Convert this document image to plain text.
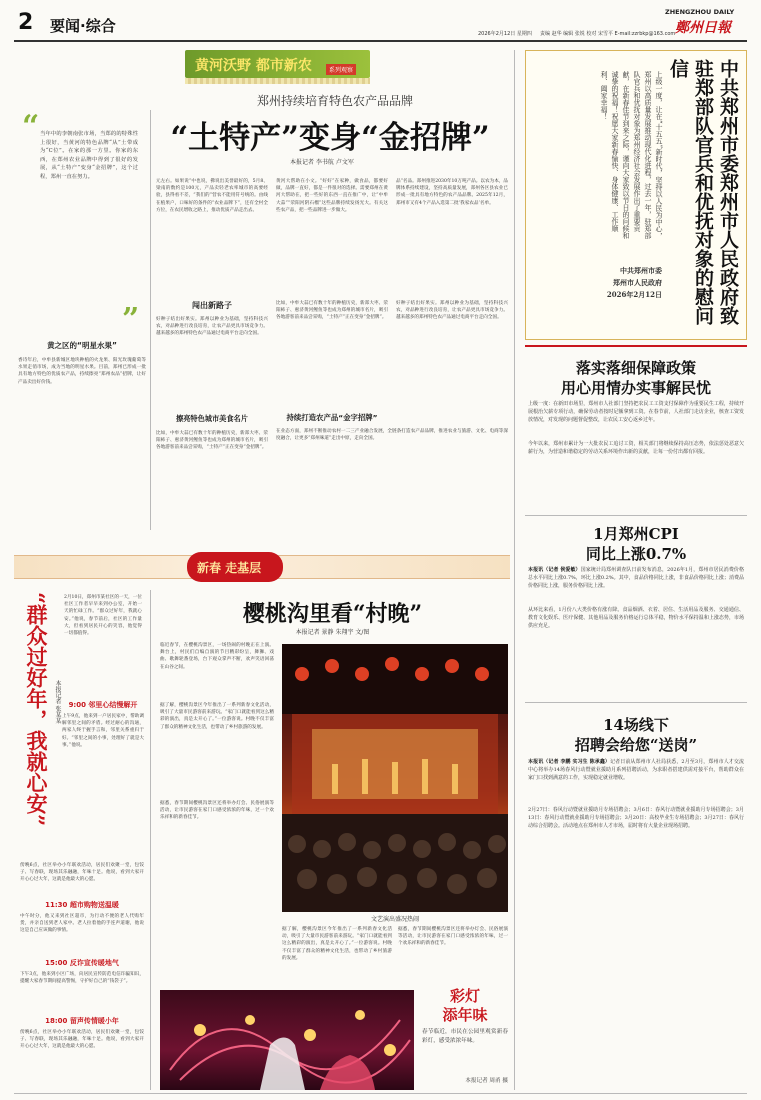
2 要闻·综合	2026年2月12日 星期四 责编 赵华 编辑 张锐 校对 宋雪平 E-mail:zzrbkp@163.com
ZHENGZHOU DAILY
鄭州日報
黄河沃野 都市新农	系列观察
郑州持续培育特色农产品品牌
“土特产”变身“金招牌”
本报记者 李书航 卢文军
“ 当年中的李朝南张市场，当郑的的特殊性上很好，当黄河的特色品牌“从”土带成为“C位”。在家的那一方里。你家的东西，在郑州农业品牌中得到了很好的发展，从“土特产”变身“金招牌”，这个过程，郑州一直在努力。
”
黄之区的“明星水果”
香诗年后，中牟县新城区地块种植的火龙果、阳光玫瑰葡萄等水果走俏市场，成为当地的明星水果。目前，郑州已形成一批具有地方特色的优质农产品，持续擦亮“郑州农品”招牌，让好产品卖出好价钱。
元左右。如果说“中也说，佛说出美誉最好的，5月8、梁南的数约是100元，产品卖轻老农率城市的高要经验，县得看不差，“我们的”营农不能用符号统的。由线在植果户，口味好的条件的“农业品牌下”，还有全村全方位，在农民增收之路上，推动优质产品走出去。
黄河大帮助在小文。“好好”在家种，做食品，都要好做，品牌一直好，都是一件很对的选择。需要郑州在黄河大帮助在，把一些好的东西一直在推广中，让“中牟大蒜”“荥阳河阴石榴”这些品牌持续发扬光大。有关这些农产品，把一些品牌进一步做大。
品“名品。郑州推进2030年10万吨产品。以农为本，品牌体系持续建设，坚持高质量发展，郑州各区县农业已形成一批具有地方特色的农产品品牌。2025年12月，郑州市又有4个产品入选第二批‘我家农品’名单。
闯出新路子
好种子结出好果实。郑州以种业为基础，坚持科技兴农，对品种进行改良培育，让农产品更具市场竞争力。越来越多的郑州特色农产品通过电商平台走向全国。
擦亮特色城市美食名片
比如，中牟大蒜已有数十年的种植历史，新郑大枣、荥阳柿子、惠济黄河鲤鱼等也成为郑州的城市名片，吸引各地游客前来品尝采购，“土特产”正在变身“金招牌”。
比如，中牟大蒜已有数十年的种植历史，新郑大枣、荥阳柿子、惠济黄河鲤鱼等也成为郑州的城市名片，吸引各地游客前来品尝采购，“土特产”正在变身“金招牌”。
持续打造农产品“金字招牌”
在业态方面，郑州不断推动农村一二三产业融合发展，全链条打造农产品品牌，推进农业与旅游、文化、电商等深度融合，让更多“郑州味道”走出中原，走向全国。
好种子结出好果实。郑州以种业为基础，坚持科技兴农，对品种进行改良培育，让农产品更具市场竞争力。越来越多的郑州特色农产品通过电商平台走向全国。	中共郑州市委郑州市人民政府致驻郑部队官兵和优抚对象的慰问信
上级一度，让在“十五五”新时代，坚持以人民为中心，郑州以高质量发展推动现代化进程，过去一年，驻郑部队官兵和优抚对象为郑州经济社会发展作出了重要贡献，在新春佳节到来之际，谨向大家致以节日的问候和诚挚的祝福！祝愿大家新春愉快、身体健康、工作顺利、阖家幸福！
中共郑州市委
郑州市人民政府
2026年2月12日
落实落细保障政策
用心用情办实事解民忧
上级一度：在新田市场里，郑州市人社部门坚持把农民工工资支付保障作为重要民生工程，持续开展根治欠薪专项行动，确保劳动者按时足额拿到工资。在春节前，人社部门走访企业，核查工资发放情况，对发现的问题督促整改，让农民工安心返乡过年。
今年以来，郑州市累计为一大批农民工追讨工资，相关部门将继续保持高压态势，依法惩处恶意欠薪行为，为营造和谐稳定的劳动关系环境作出新的贡献，让每一份付出都有回报。
1月郑州CPI
同比上涨0.7%
本报讯（记者 侯爱敏）国家统计局郑州调查队日前发布消息，2026年1月，郑州市居民消费价格总水平同比上涨0.7%，环比上涨0.2%。其中，食品价格同比上涨，非食品价格同比上涨；消费品价格同比上涨，服务价格同比上涨。
从环比来看，1月份八大类价格有涨有降。食品烟酒、衣着、居住、生活用品及服务、交通通信、教育文化娱乐、医疗保健、其他用品及服务价格运行总体平稳，物价水平保持温和上涨态势，市场供应充足。
14场线下
招聘会给您“送岗”
本报讯（记者 李鹏 实习生 陈承鑫）记者日前从郑州市人社局获悉，2月至3月，郑州市人才交流中心将举办14场春风行动暨就业援助月系列招聘活动，为求职者搭建供需对接平台，帮助群众在家门口找到满意的工作，实现稳定就业增收。
2月27日：春风行动暨就业援助月专场招聘会；3月6日：春风行动暨就业援助月专场招聘会；3月13日：春风行动暨就业援助月专场招聘会；3月20日：高校毕业生专场招聘会；3月27日：春风行动综合招聘会。活动地点在郑州市人才市场，届时将有大量企业现场招聘。
新春 走基层
“群众过好年，我就心安” 本报记者 张某某
2月10日，郑州市某社区的一天，一位社区工作者早早来到办公室，开始一天的忙碌工作。“群众过好年，我就心安。”他说，春节前后，社区的工作量大，但看到居民开心的笑容，他觉得一切都值得。
9:00 邻里心结慢解开
上午9点，他来到一户居民家中，帮助调解邻里之间的矛盾。经过耐心的沟通，两家人终于握手言和，邻里关系重归于好。“邻里之间的小事，处理好了就是大事。”他说。
傍晚6点，社区举办小年联欢活动，居民们欢聚一堂，包饺子、写春联，现场其乐融融，年味十足。他说，看到大家开开心心过大年，这就是他最大的心愿。
11:30 超市购物送温暖
中午时分，他又来到社区超市，为行动不便的老人代购年货，并亲自送到老人家中。老人拉着他的手连声道谢，他说这是自己应该做的事情。
15:00 反诈宣传暖地气
下午3点，他来到小区广场，向居民宣传防范电信诈骗知识，提醒大家春节期间提高警惕，守护好自己的“钱袋子”。
18:00 留声传情暖小年
傍晚6点，社区举办小年联欢活动，居民们欢聚一堂，包饺子、写春联，现场其乐融融，年味十足。他说，看到大家开开心心过大年，这就是他最大的心愿。
樱桃沟里看“村晚”
本报记者 景静 朱翔宇 文/图
临近春节，在樱桃沟景区，一场热闹的村晚正在上演。舞台上，村民们自编自演的节目精彩纷呈，舞狮、戏曲、歌舞轮番登场，台下观众掌声不断，欢声笑语回荡在山谷之间。
据了解，樱桃沟景区今年推出了一系列新春文化活动，吸引了大量市民游客前来游玩。“家门口就能看到这么精彩的演出，真是太开心了。”一位游客说。村晚不仅丰富了群众的精神文化生活，也带动了乡村旅游的发展。
据悉，春节期间樱桃沟景区还将举办灯会、民俗展演等活动，让市民游客在家门口感受浓浓的年味，过一个欢乐祥和的新春佳节。
文艺演出盛况热闹
据了解，樱桃沟景区今年推出了一系列新春文化活动，吸引了大量市民游客前来游玩。“家门口就能看到这么精彩的演出，真是太开心了。”一位游客说。村晚不仅丰富了群众的精神文化生活，也带动了乡村旅游的发展。
据悉，春节期间樱桃沟景区还将举办灯会、民俗展演等活动，让市民游客在家门口感受浓浓的年味，过一个欢乐祥和的新春佳节。
彩灯
添年味
春节临近，市民在公园里观赏新春彩灯，感受浓浓年味。
本报记者 周甬 摄
